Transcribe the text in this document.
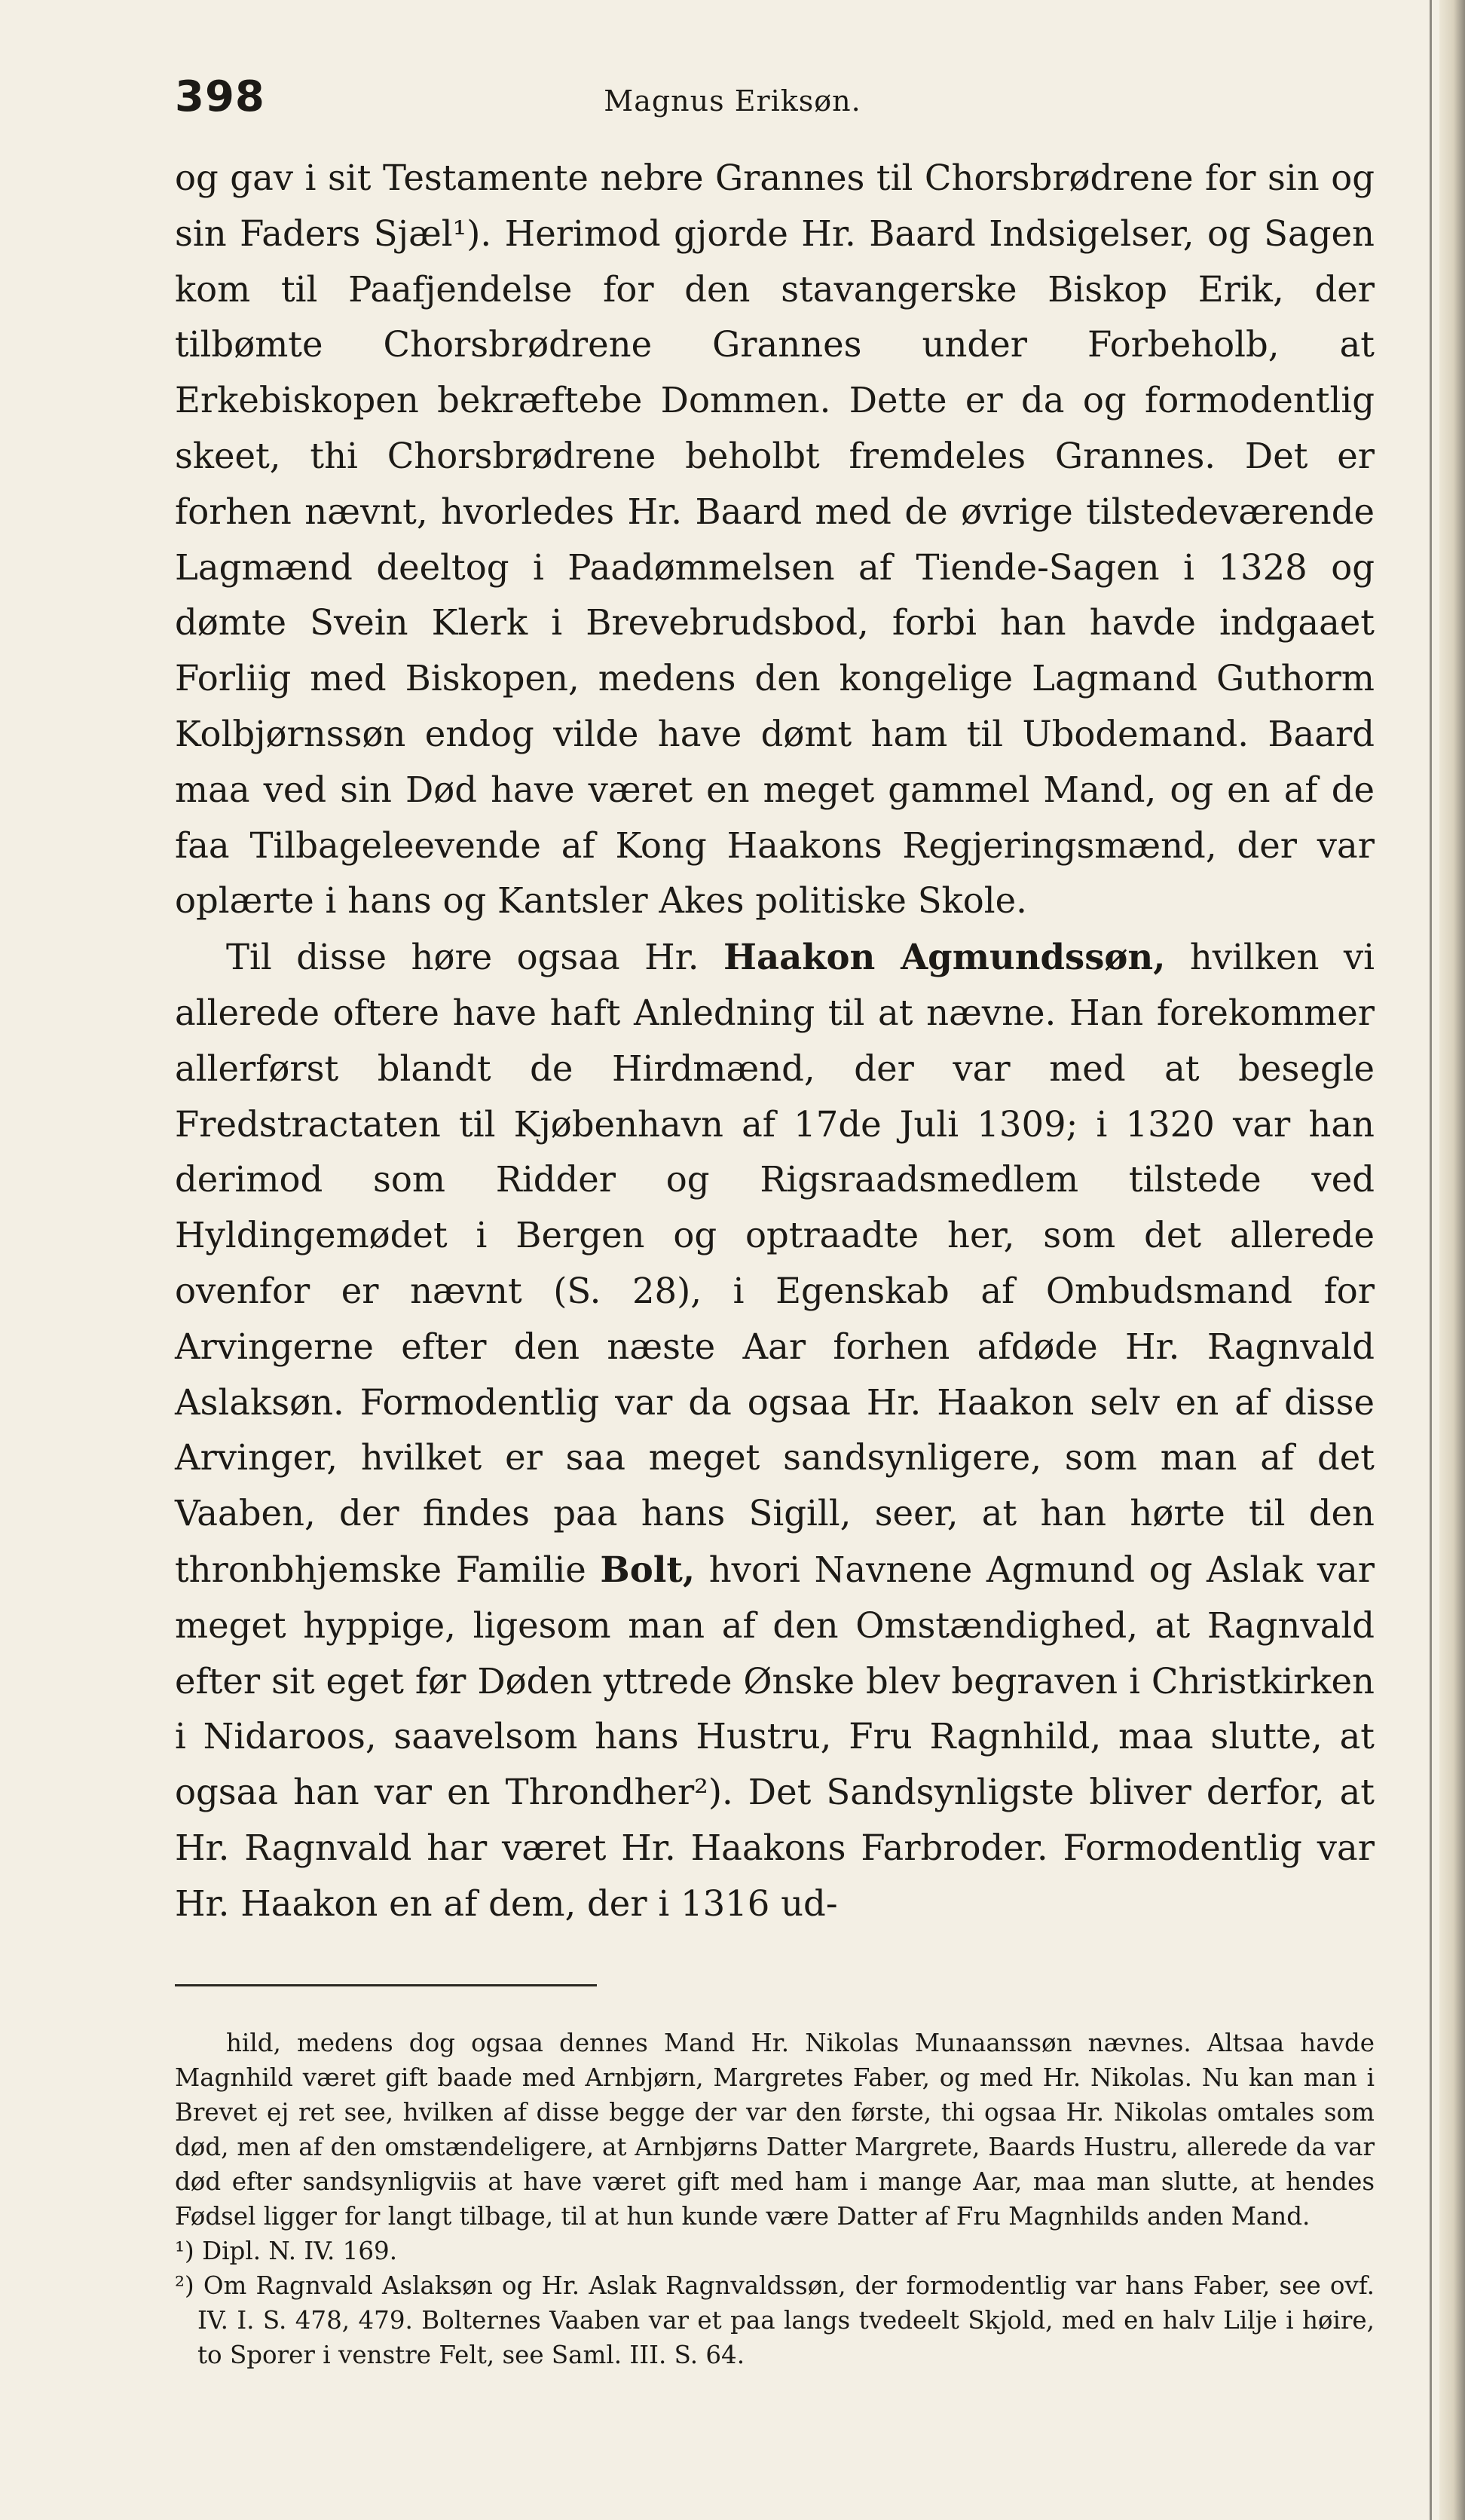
398	Magnus Eriksøn.

og gav i sit Testamente nebre Grannes til Chorsbrødrene for sin og sin Faders Sjæl¹). Herimod gjorde Hr. Baard Indsigelser, og Sagen kom til Paafjendelse for den stavangerske Biskop Erik, der tilbømte Chorsbrødrene Grannes under Forbeholb, at Erkebiskopen bekræftebe Dommen. Dette er da og formodentlig skeet, thi Chorsbrødrene beholbt fremdeles Grannes. Det er forhen nævnt, hvorledes Hr. Baard med de øvrige tilstedeværende Lagmænd deeltog i Paadømmelsen af Tiende-Sagen i 1328 og dømte Svein Klerk i Brevebrudsbod, forbi han havde indgaaet Forliig med Biskopen, medens den kongelige Lagmand Guthorm Kolbjørnssøn endog vilde have dømt ham til Ubodemand. Baard maa ved sin Død have været en meget gammel Mand, og en af de faa Tilbageleevende af Kong Haakons Regjeringsmænd, der var oplærte i hans og Kantsler Akes politiske Skole.

Til disse høre ogsaa Hr. Haakon Agmundssøn, hvilken vi allerede oftere have haft Anledning til at nævne. Han forekommer allerførst blandt de Hirdmænd, der var med at besegle Fredstractaten til Kjøbenhavn af 17de Juli 1309; i 1320 var han derimod som Ridder og Rigsraadsmedlem tilstede ved Hyldingemødet i Bergen og optraadte her, som det allerede ovenfor er nævnt (S. 28), i Egenskab af Ombudsmand for Arvingerne efter den næste Aar forhen afdøde Hr. Ragnvald Aslaksøn. Formodentlig var da ogsaa Hr. Haakon selv en af disse Arvinger, hvilket er saa meget sandsynligere, som man af det Vaaben, der findes paa hans Sigill, seer, at han hørte til den thronbhjemske Familie Bolt, hvori Navnene Agmund og Aslak var meget hyppige, ligesom man af den Omstændighed, at Ragnvald efter sit eget før Døden yttrede Ønske blev begraven i Christkirken i Nidaroos, saavelsom hans Hustru, Fru Ragnhild, maa slutte, at ogsaa han var en Throndher²). Det Sandsynligste bliver derfor, at Hr. Ragnvald har været Hr. Haakons Farbroder. Formodentlig var Hr. Haakon en af dem, der i 1316 ud-

hild, medens dog ogsaa dennes Mand Hr. Nikolas Munaanssøn nævnes. Altsaa havde Magnhild været gift baade med Arnbjørn, Margretes Faber, og med Hr. Nikolas. Nu kan man i Brevet ej ret see, hvilken af disse begge der var den første, thi ogsaa Hr. Nikolas omtales som død, men af den omstændeligere, at Arnbjørns Datter Margrete, Baards Hustru, allerede da var død efter sandsynligviis at have været gift med ham i mange Aar, maa man slutte, at hendes Fødsel ligger for langt tilbage, til at hun kunde være Datter af Fru Magnhilds anden Mand.

¹) Dipl. N. IV. 169.

²) Om Ragnvald Aslaksøn og Hr. Aslak Ragnvaldssøn, der formodentlig var hans Faber, see ovf. IV. I. S. 478, 479. Bolternes Vaaben var et paa langs tvedeelt Skjold, med en halv Lilje i høire, to Sporer i venstre Felt, see Saml. III. S. 64.
